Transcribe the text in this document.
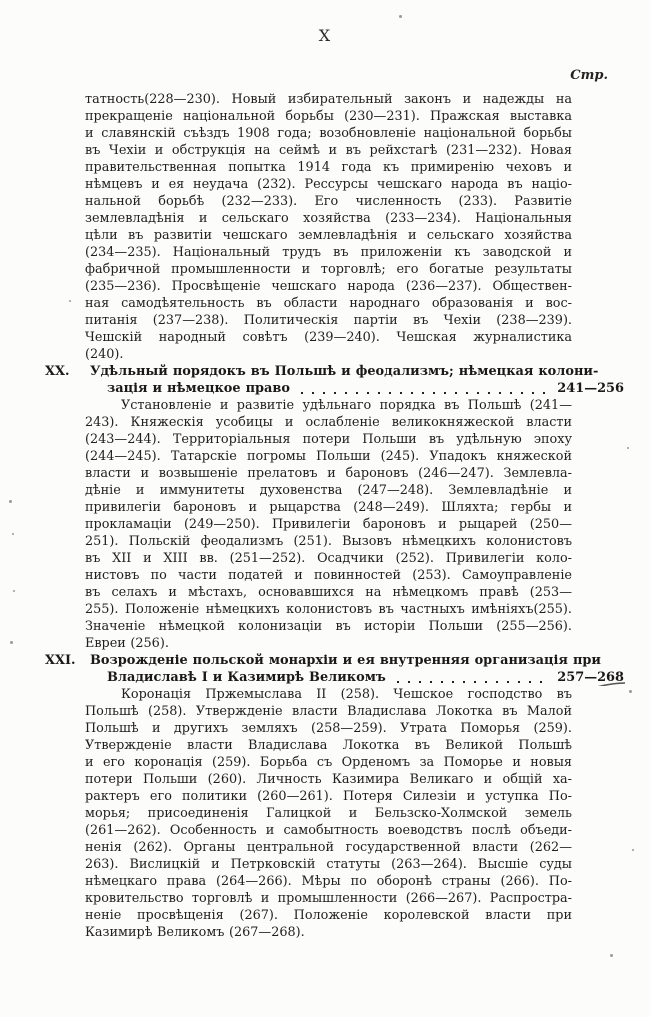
X
Стр.
татность(228—230). Новый избирательный законъ и надежды на
прекращеніе національной борьбы (230—231). Пражская выставка
и славянскій съѣздъ 1908 года; возобновленіе національной борьбы
въ Чехіи и обструкція на сеймѣ и въ рейхстагѣ (231—232). Новая
правительственная попытка 1914 года къ примиренію чеховъ и
нѣмцевъ и ея неудача (232). Рессурсы чешскаго народа въ націо-
нальной борьбѣ (232—233). Его численность (233). Развитіе
землевладѣнія и сельскаго хозяйства (233—234). Національныя
цѣли въ развитіи чешскаго землевладѣнія и сельскаго хозяйства
(234—235). Національный трудъ въ приложеніи къ заводской и
фабричной промышленности и торговлѣ; его богатые результаты
(235—236). Просвѣщеніе чешскаго народа (236—237). Обществен-
ная самодѣятельность въ области народнаго образованія и вос-
питанія (237—238). Политическія партіи въ Чехіи (238—239).
Чешскій народный совѣтъ (239—240). Чешская журналистика
(240).
XX. Удѣльный порядокъ въ Польшѣ и феодализмъ; нѣмецкая колони-
зація и нѣмецкое право	241—256
Установленіе и развитіе удѣльнаго порядка въ Польшѣ (241—
243). Княжескія усобицы и ослабленіе великокняжеской власти
(243—244). Территоріальныя потери Польши въ удѣльную эпоху
(244—245). Татарскіе погромы Польши (245). Упадокъ княжеской
власти и возвышеніе прелатовъ и бароновъ (246—247). Землевла-
дѣніе и иммунитеты духовенства (247—248). Землевладѣніе и
привилегіи бароновъ и рыцарства (248—249). Шляхта; гербы и
прокламаціи (249—250). Привилегіи бароновъ и рыцарей (250—
251). Польскій феодализмъ (251). Вызовъ нѣмецкихъ колонистовъ
въ XII и XIII вв. (251—252). Осадчики (252). Привилегіи коло-
нистовъ по части податей и повинностей (253). Самоуправленіе
въ селахъ и мѣстахъ, основавшихся на нѣмецкомъ правѣ (253—
255). Положеніе нѣмецкихъ колонистовъ въ частныхъ имѣніяхъ(255).
Значеніе нѣмецкой колонизаціи въ исторіи Польши (255—256).
Евреи (256).
XXI. Возрожденіе польской монархіи и ея внутренняя организація при
Владиславѣ I и Казимирѣ Великомъ	257—268
Коронація Пржемыслава II (258). Чешское господство въ
Польшѣ (258). Утвержденіе власти Владислава Локотка въ Малой
Польшѣ и другихъ земляхъ (258—259). Утрата Поморья (259).
Утвержденіе власти Владислава Локотка въ Великой Польшѣ
и его коронація (259). Борьба съ Орденомъ за Поморье и новыя
потери Польши (260). Личность Казимира Великаго и общій ха-
рактеръ его политики (260—261). Потеря Силезіи и уступка По-
морья; присоединенія Галицкой и Бельзско-Холмской земель
(261—262). Особенность и самобытность воеводствъ послѣ объеди-
ненія (262). Органы центральной государственной власти (262—
263). Вислицкій и Петрковскій статуты (263—264). Высшіе суды
нѣмецкаго права (264—266). Мѣры по оборонѣ страны (266). По-
кровительство торговлѣ и промышленности (266—267). Распростра-
неніе просвѣщенія (267). Положеніе королевской власти при
Казимирѣ Великомъ (267—268).
